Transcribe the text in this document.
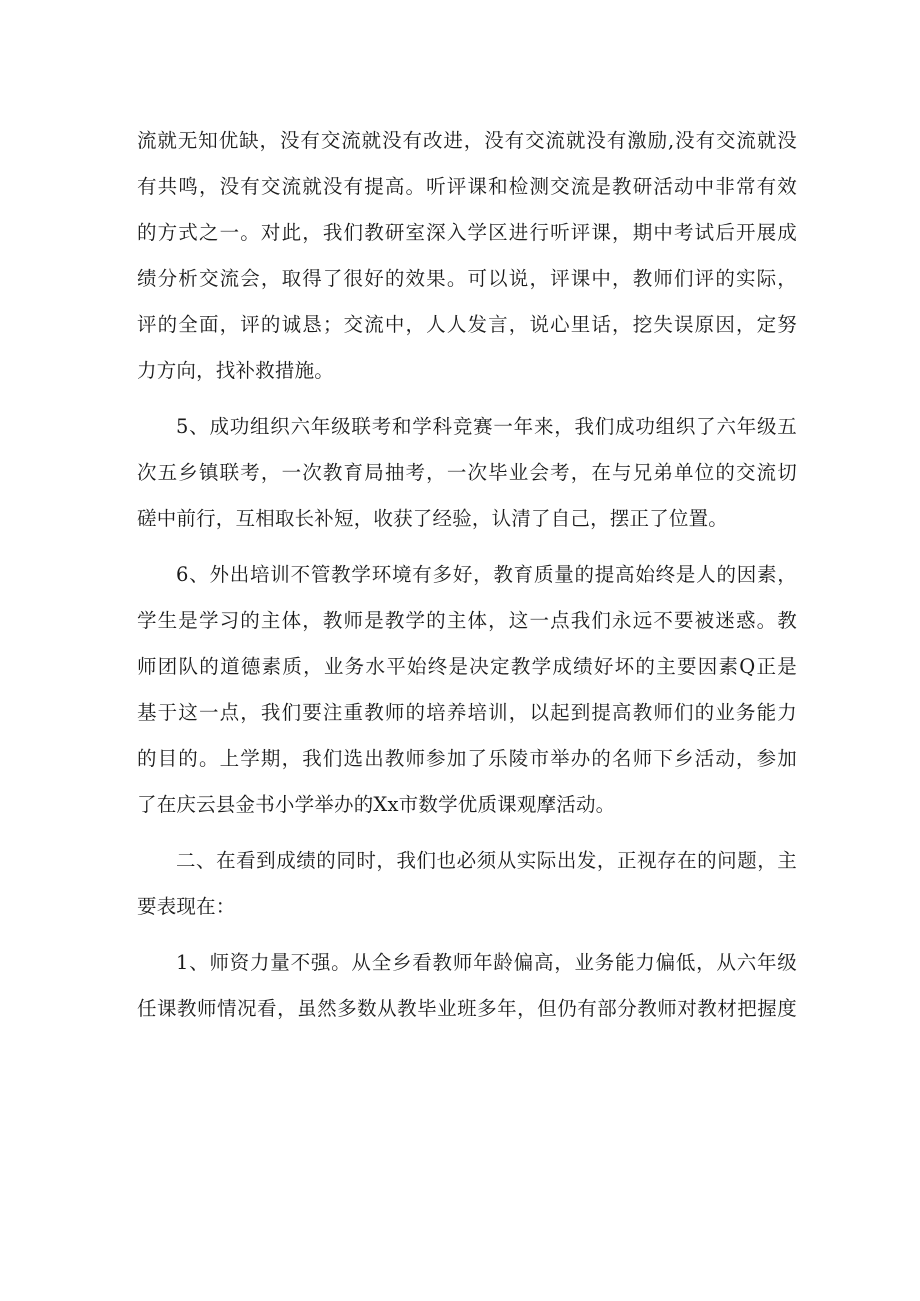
流就无知优缺，没有交流就没有改进，没有交流就没有激励,没有交流就没
有共鸣，没有交流就没有提高。听评课和检测交流是教研活动中非常有效
的方式之一。对此，我们教研室深入学区进行听评课，期中考试后开展成
绩分析交流会，取得了很好的效果。可以说，评课中，教师们评的实际，
评的全面，评的诚恳；交流中，人人发言，说心里话，挖失误原因，定努
力方向，找补救措施。
5、成功组织六年级联考和学科竞赛一年来，我们成功组织了六年级五
次五乡镇联考，一次教育局抽考，一次毕业会考，在与兄弟单位的交流切
磋中前行，互相取长补短，收获了经验，认清了自己，摆正了位置。
6、外出培训不管教学环境有多好，教育质量的提高始终是人的因素，
学生是学习的主体，教师是教学的主体，这一点我们永远不要被迷惑。教
师团队的道德素质，业务水平始终是决定教学成绩好坏的主要因素Q正是
基于这一点，我们要注重教师的培养培训，以起到提高教师们的业务能力
的目的。上学期，我们选出教师参加了乐陵市举办的名师下乡活动，参加
了在庆云县金书小学举办的Xx市数学优质课观摩活动。
二、在看到成绩的同时，我们也必须从实际出发，正视存在的问题，主
要表现在：
1、师资力量不强。从全乡看教师年龄偏高，业务能力偏低，从六年级
任课教师情况看，虽然多数从教毕业班多年，但仍有部分教师对教材把握度
